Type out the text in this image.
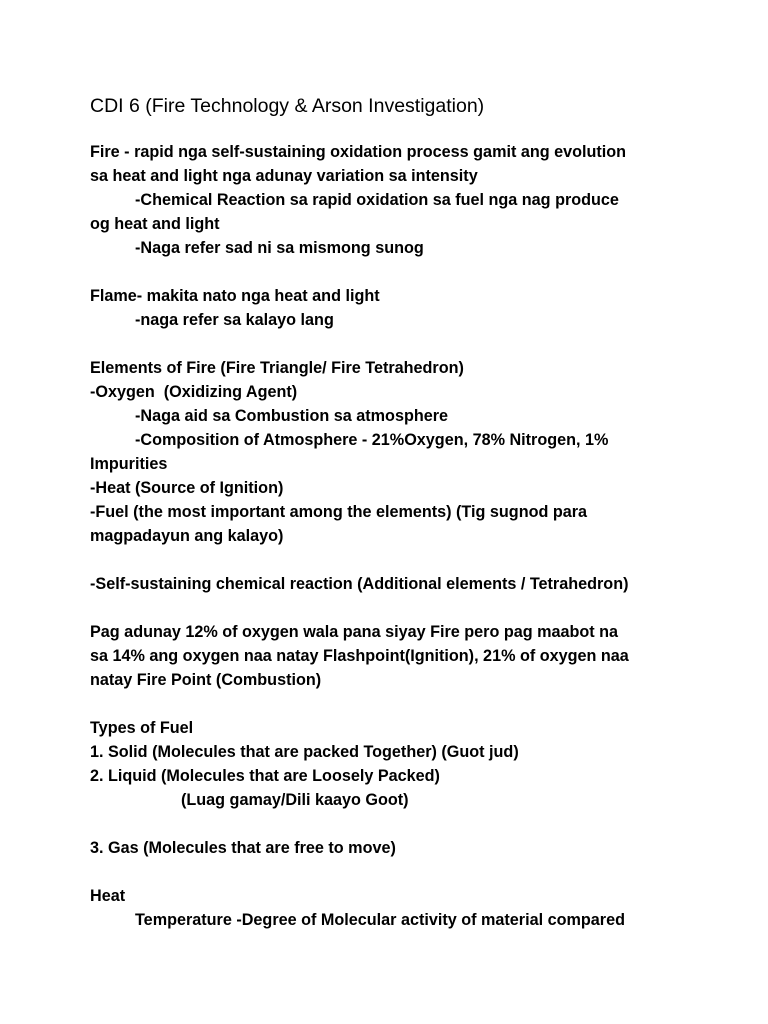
CDI 6 (Fire Technology & Arson Investigation)
Fire - rapid nga self-sustaining oxidation process gamit ang evolution
sa heat and light nga adunay variation sa intensity
-Chemical Reaction sa rapid oxidation sa fuel nga nag produce
og heat and light
-Naga refer sad ni sa mismong sunog
Flame- makita nato nga heat and light
-naga refer sa kalayo lang
Elements of Fire (Fire Triangle/ Fire Tetrahedron)
-Oxygen  (Oxidizing Agent)
-Naga aid sa Combustion sa atmosphere
-Composition of Atmosphere - 21%Oxygen, 78% Nitrogen, 1%
Impurities
-Heat (Source of Ignition)
-Fuel (the most important among the elements) (Tig sugnod para
magpadayun ang kalayo)
-Self-sustaining chemical reaction (Additional elements / Tetrahedron)
Pag adunay 12% of oxygen wala pana siyay Fire pero pag maabot na
sa 14% ang oxygen naa natay Flashpoint(Ignition), 21% of oxygen naa
natay Fire Point (Combustion)
Types of Fuel
1. Solid (Molecules that are packed Together) (Guot jud)
2. Liquid (Molecules that are Loosely Packed)
(Luag gamay/Dili kaayo Goot)
3. Gas (Molecules that are free to move)
Heat
Temperature -Degree of Molecular activity of material compared
